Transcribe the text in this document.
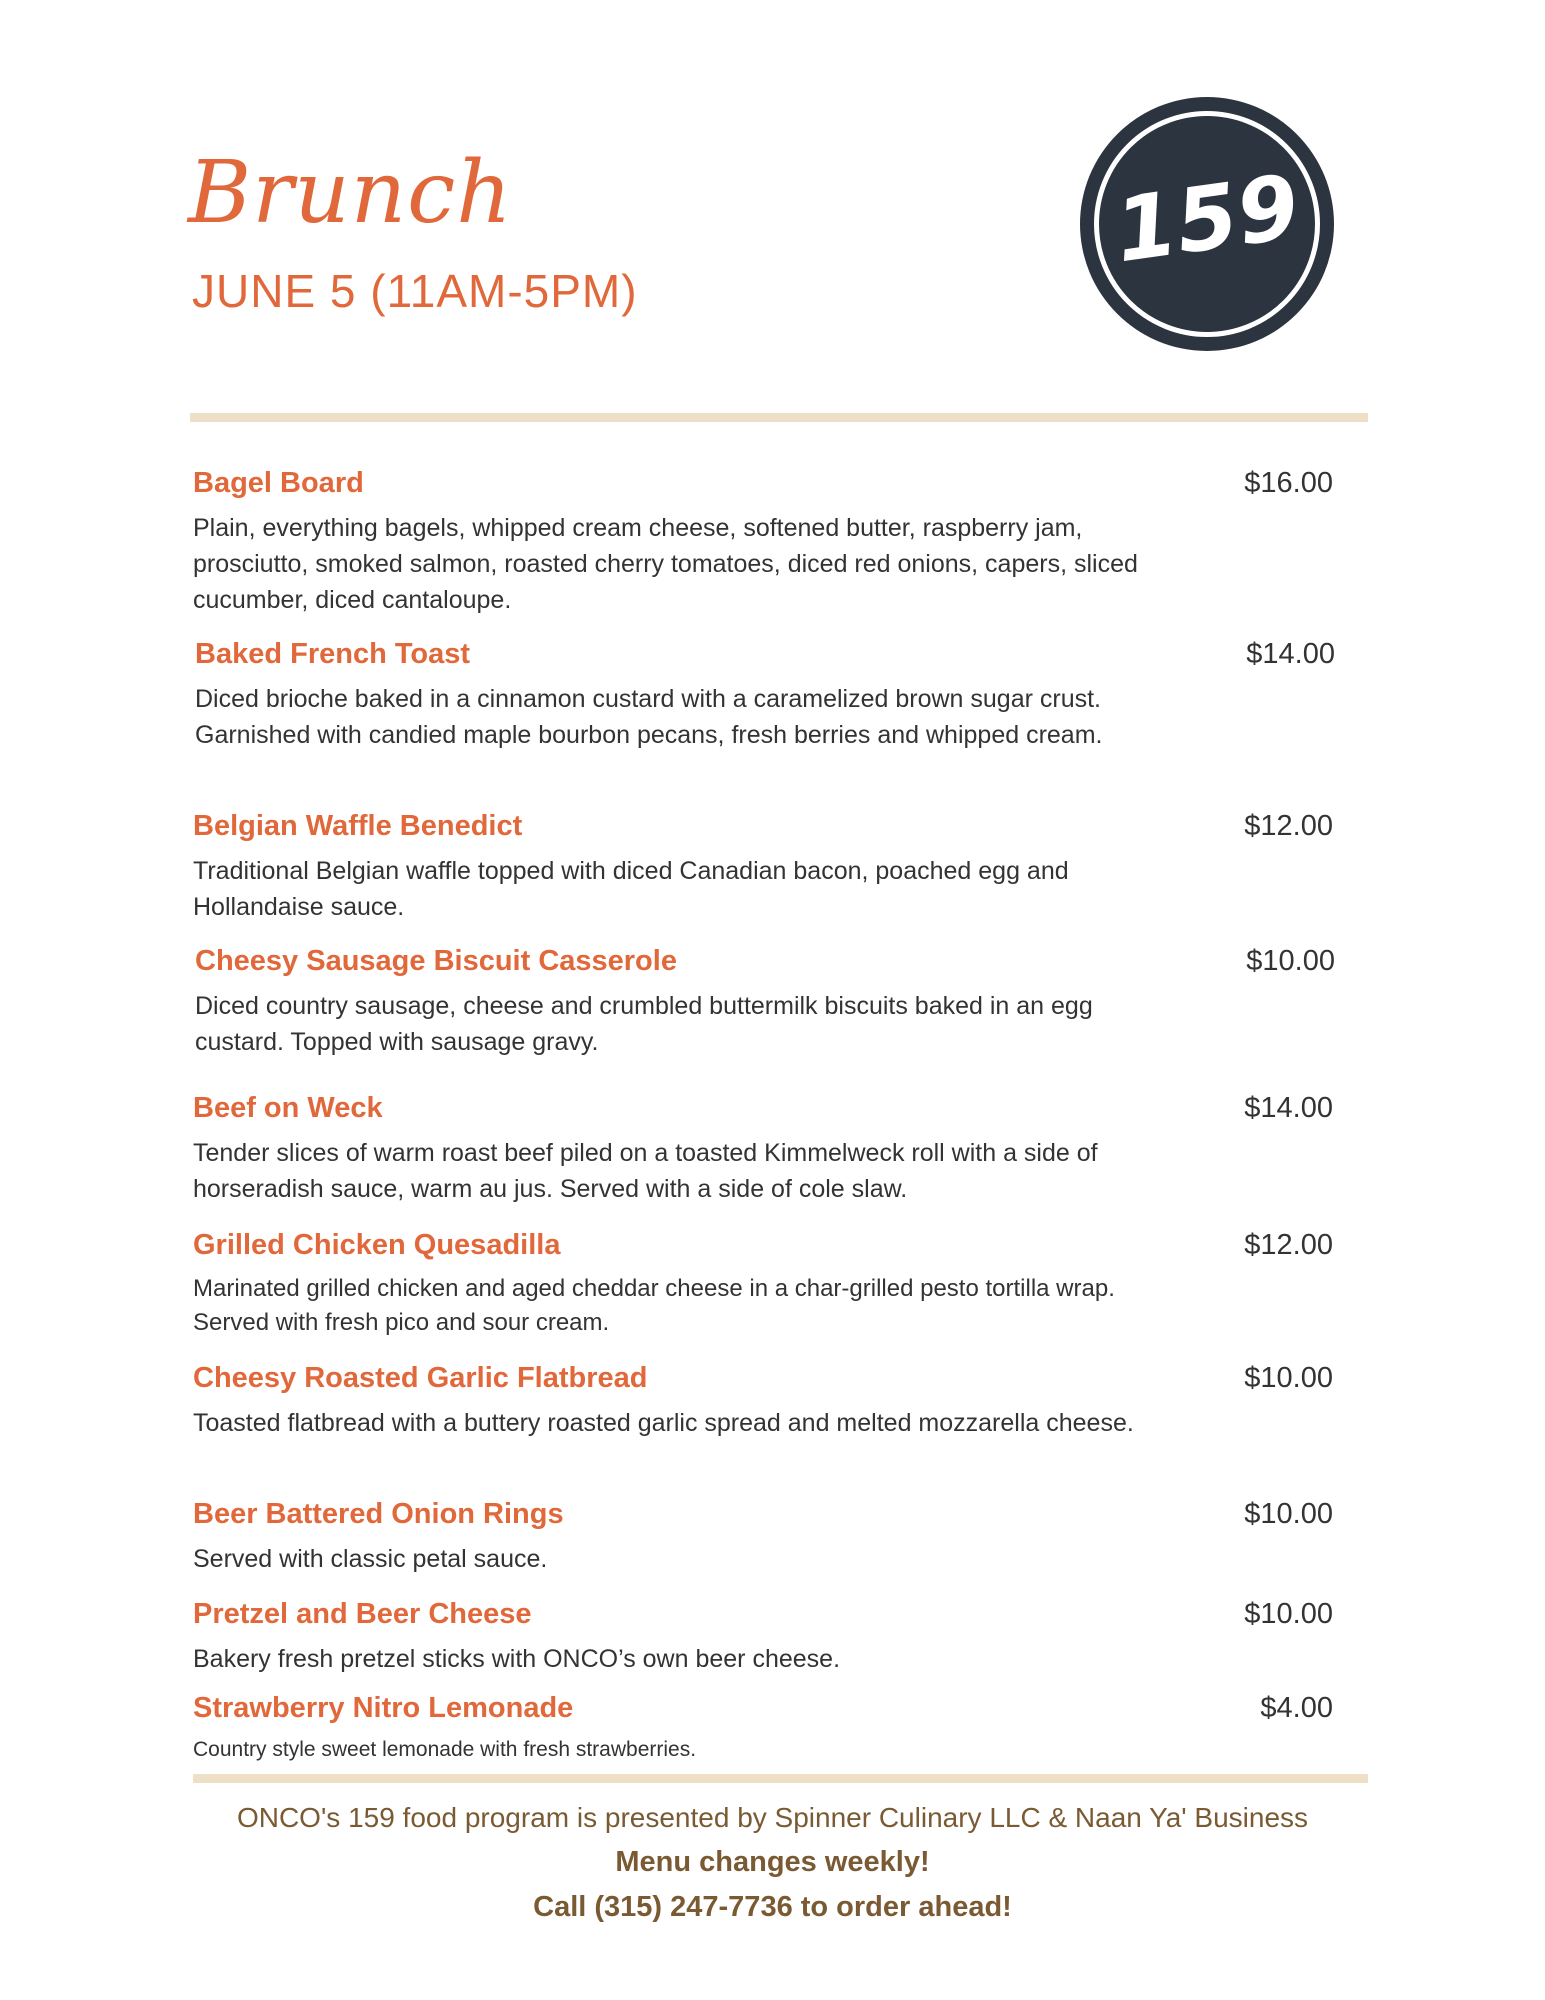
Brunch
JUNE 5 (11AM-5PM)
159
Bagel Board	$16.00
Plain, everything bagels, whipped cream cheese, softened butter, raspberry jam, prosciutto, smoked salmon, roasted cherry tomatoes, diced red onions, capers, sliced cucumber, diced cantaloupe.
Baked French Toast	$14.00
Diced brioche baked in a cinnamon custard with a caramelized brown sugar crust. Garnished with candied maple bourbon pecans, fresh berries and whipped cream.
Belgian Waffle Benedict	$12.00
Traditional Belgian waffle topped with diced Canadian bacon, poached egg and Hollandaise sauce.
Cheesy Sausage Biscuit Casserole	$10.00
Diced country sausage, cheese and crumbled buttermilk biscuits baked in an egg custard. Topped with sausage gravy.
Beef on Weck	$14.00
Tender slices of warm roast beef piled on a toasted Kimmelweck roll with a side of horseradish sauce, warm au jus. Served with a side of cole slaw.
Grilled Chicken Quesadilla	$12.00
Marinated grilled chicken and aged cheddar cheese in a char-grilled pesto tortilla wrap. Served with fresh pico and sour cream.
Cheesy Roasted Garlic Flatbread	$10.00
Toasted flatbread with a buttery roasted garlic spread and melted mozzarella cheese.
Beer Battered Onion Rings	$10.00
Served with classic petal sauce.
Pretzel and Beer Cheese	$10.00
Bakery fresh pretzel sticks with ONCO’s own beer cheese.
Strawberry Nitro Lemonade	$4.00
Country style sweet lemonade with fresh strawberries.
ONCO's 159 food program is presented by Spinner Culinary LLC & Naan Ya' Business
Menu changes weekly!
Call (315) 247-7736 to order ahead!
